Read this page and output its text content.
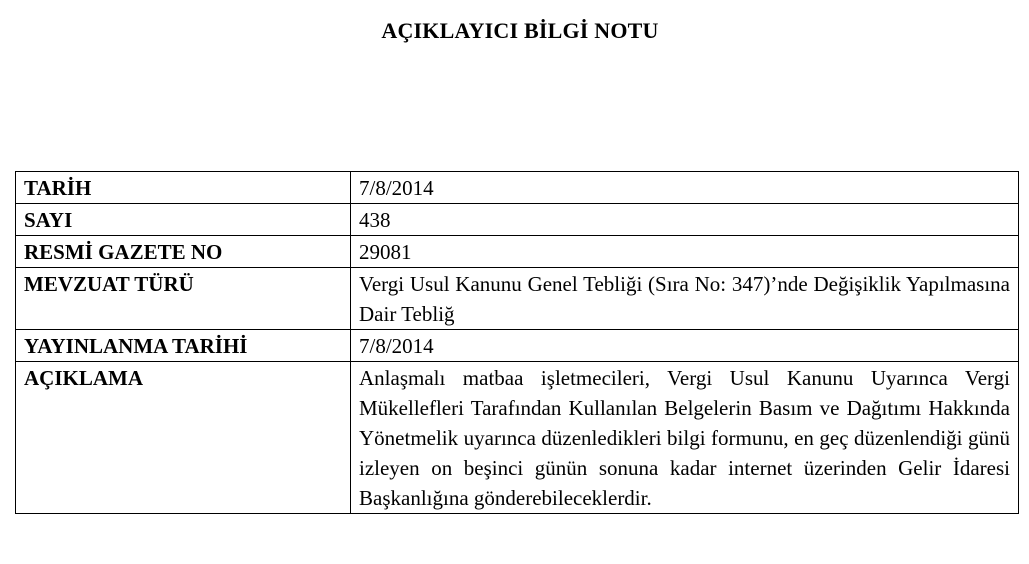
AÇIKLAYICI BİLGİ NOTU
TARİH	7/8/2014
SAYI	438
RESMİ GAZETE NO	29081
MEVZUAT TÜRÜ	Vergi Usul Kanunu Genel Tebliği (Sıra No: 347)’nde Değişiklik Yapılmasına Dair Tebliğ
YAYINLANMA TARİHİ	7/8/2014
AÇIKLAMA	Anlaşmalı matbaa işletmecileri, Vergi Usul Kanunu Uyarınca Vergi Mükellefleri Tarafından Kullanılan Belgelerin Basım ve Dağıtımı Hakkında Yönetmelik uyarınca düzenledikleri bilgi formunu, en geç düzenlendiği günü izleyen on beşinci günün sonuna kadar internet üzerinden Gelir İdaresi Başkanlığına gönderebileceklerdir.
